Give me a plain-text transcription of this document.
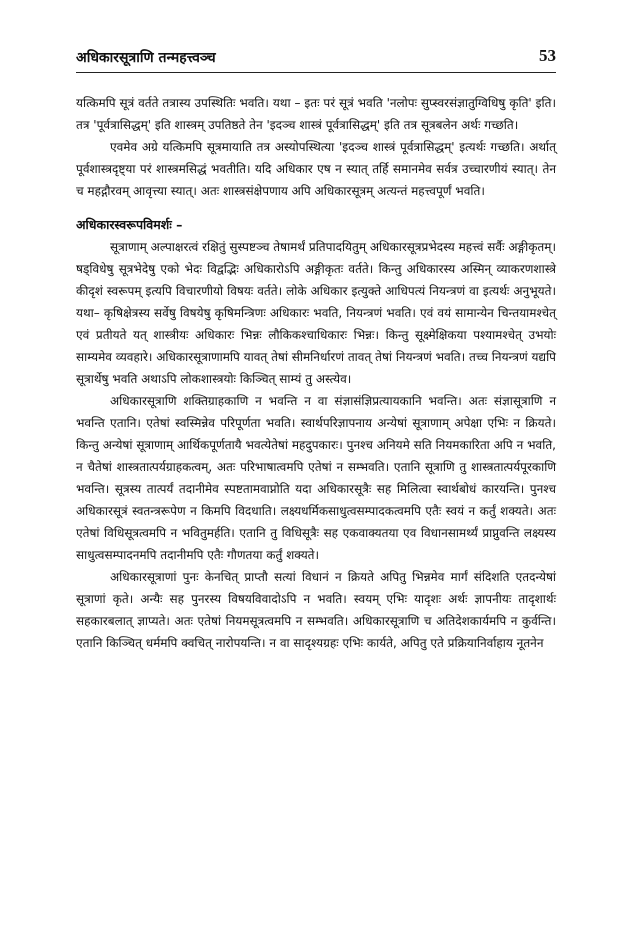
अधिकारसूत्राणि तन्महत्त्वञ्च	53

यत्किमपि सूत्रं वर्तते तत्रास्य उपस्थितिः भवति। यथा – इतः परं सूत्रं भवति 'नलोपः सुप्स्वरसंज्ञातुग्विधिषु कृति' इति। तत्र 'पूर्वत्रासिद्धम्' इति शास्त्रम् उपतिष्ठते तेन 'इदञ्च शास्त्रं पूर्वत्रासिद्धम्' इति तत्र सूत्रबलेन अर्थः गच्छति।

एवमेव अग्रे यत्किमपि सूत्रमायाति तत्र अस्योपस्थित्या 'इदञ्च शास्त्रं पूर्वत्रासिद्धम्' इत्यर्थः गच्छति। अर्थात् पूर्वशास्त्रदृष्ट्या परं शास्त्रमसिद्धं भवतीति। यदि अधिकार एष न स्यात् तर्हि समानमेव सर्वत्र उच्चारणीयं स्यात्। तेन च महद्गौरवम् आवृत्त्या स्यात्। अतः शास्त्रसंक्षेपणाय अपि अधिकारसूत्रम् अत्यन्तं महत्त्वपूर्णं भवति।

अधिकारस्वरूपविमर्शः –

सूत्राणाम् अल्पाक्षरत्वं रक्षितुं सुस्पष्टञ्च तेषामर्थं प्रतिपादयितुम् अधिकारसूत्रप्रभेदस्य महत्त्वं सर्वैः अङ्गीकृतम्। षड्विधेषु सूत्रभेदेषु एको भेदः विद्वद्भिः अधिकारोऽपि अङ्गीकृतः वर्तते। किन्तु अधिकारस्य अस्मिन् व्याकरणशास्त्रे कीदृशं स्वरूपम् इत्यपि विचारणीयो विषयः वर्तते। लोके अधिकार इत्युक्ते आधिपत्यं नियन्त्रणं वा इत्यर्थः अनुभूयते। यथा– कृषिक्षेत्रस्य सर्वेषु विषयेषु कृषिमन्त्रिणः अधिकारः भवति, नियन्त्रणं भवति। एवं वयं सामान्येन चिन्तयामश्चेत् एवं प्रतीयते यत् शास्त्रीयः अधिकारः भिन्नः लौकिकश्चाधिकारः भिन्नः। किन्तु सूक्ष्मेक्षिकया पश्यामश्चेत् उभयोः साम्यमेव व्यवहारे। अधिकारसूत्राणामपि यावत् तेषां सीमनिर्धारणं तावत् तेषां नियन्त्रणं भवति। तच्च नियन्त्रणं यद्यपि सूत्रार्थेषु भवति अथाऽपि लोकशास्त्रयोः किञ्चित् साम्यं तु अस्त्येव।

अधिकारसूत्राणि शक्तिग्राहकाणि न भवन्ति न वा संज्ञासंज्ञिप्रत्यायकानि भवन्ति। अतः संज्ञासूत्राणि न भवन्ति एतानि। एतेषां स्वस्मिन्नेव परिपूर्णता भवति। स्वार्थपरिज्ञापनाय अन्येषां सूत्राणाम् अपेक्षा एभिः न क्रियते। किन्तु अन्येषां सूत्राणाम् आर्थिकपूर्णतायै भवत्येतेषां महदुपकारः। पुनश्च अनियमे सति नियमकारिता अपि न भवति, न चैतेषां शास्त्रतात्पर्यग्राहकत्वम्, अतः परिभाषात्वमपि एतेषां न सम्भवति। एतानि सूत्राणि तु शास्त्रतात्पर्यपूरकाणि भवन्ति। सूत्रस्य तात्पर्यं तदानीमेव स्पष्टतामवाप्नोति यदा अधिकारसूत्रैः सह मिलित्वा स्वार्थबोधं कारयन्ति। पुनश्च अधिकारसूत्रं स्वतन्त्ररूपेण न किमपि विदधाति। लक्ष्यधर्मिकसाधुत्वसम्पादकत्वमपि एतैः स्वयं न कर्तुं शक्यते। अतः एतेषां विधिसूत्रत्वमपि न भवितुमर्हति। एतानि तु विधिसूत्रैः सह एकवाक्यतया एव विधानसामर्थ्यं प्राप्नुवन्ति लक्ष्यस्य साधुत्वसम्पादनमपि तदानीमपि एतैः गौणतया कर्तुं शक्यते।

अधिकारसूत्राणां पुनः केनचित् प्राप्तौ सत्यां विधानं न क्रियते अपितु भिन्नमेव मार्गं संदिशति एतदन्येषां सूत्राणां कृते। अन्यैः सह पुनरस्य विषयविवादोऽपि न भवति। स्वयम् एभिः यादृशः अर्थः ज्ञापनीयः तादृशार्थः सहकारबलात् ज्ञाप्यते। अतः एतेषां नियमसूत्रत्वमपि न सम्भवति। अधिकारसूत्राणि च अतिदेशकार्यमपि न कुर्वन्ति। एतानि किञ्चित् धर्ममपि क्वचित् नारोपयन्ति। न वा सादृश्यग्रहः एभिः कार्यते, अपितु एते प्रक्रियानिर्वाहाय नूतनेन
